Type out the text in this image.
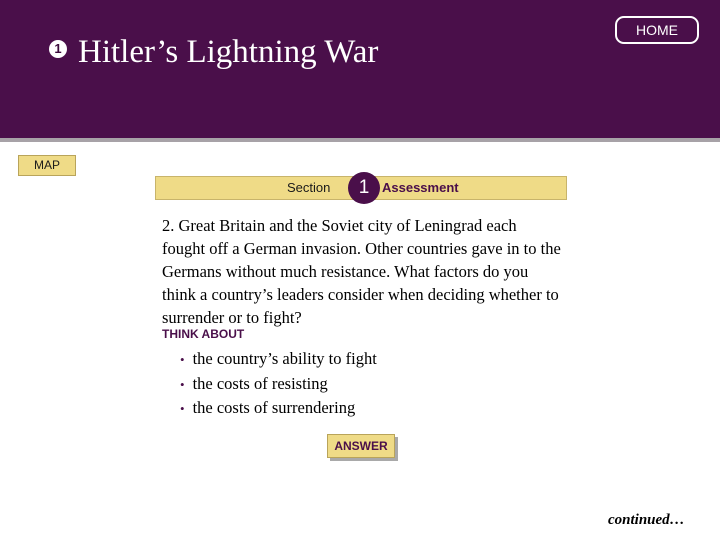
1 Hitler’s Lightning War
HOME
MAP
Section	1 Assessment

2. Great Britain and the Soviet city of Leningrad each fought off a German invasion. Other countries gave in to the Germans without much resistance. What factors do you think a country’s leaders consider when deciding whether to surrender or to fight?

THINK ABOUT
• the country’s ability to fight
• the costs of resisting
• the costs of surrendering
ANSWER
continued…
